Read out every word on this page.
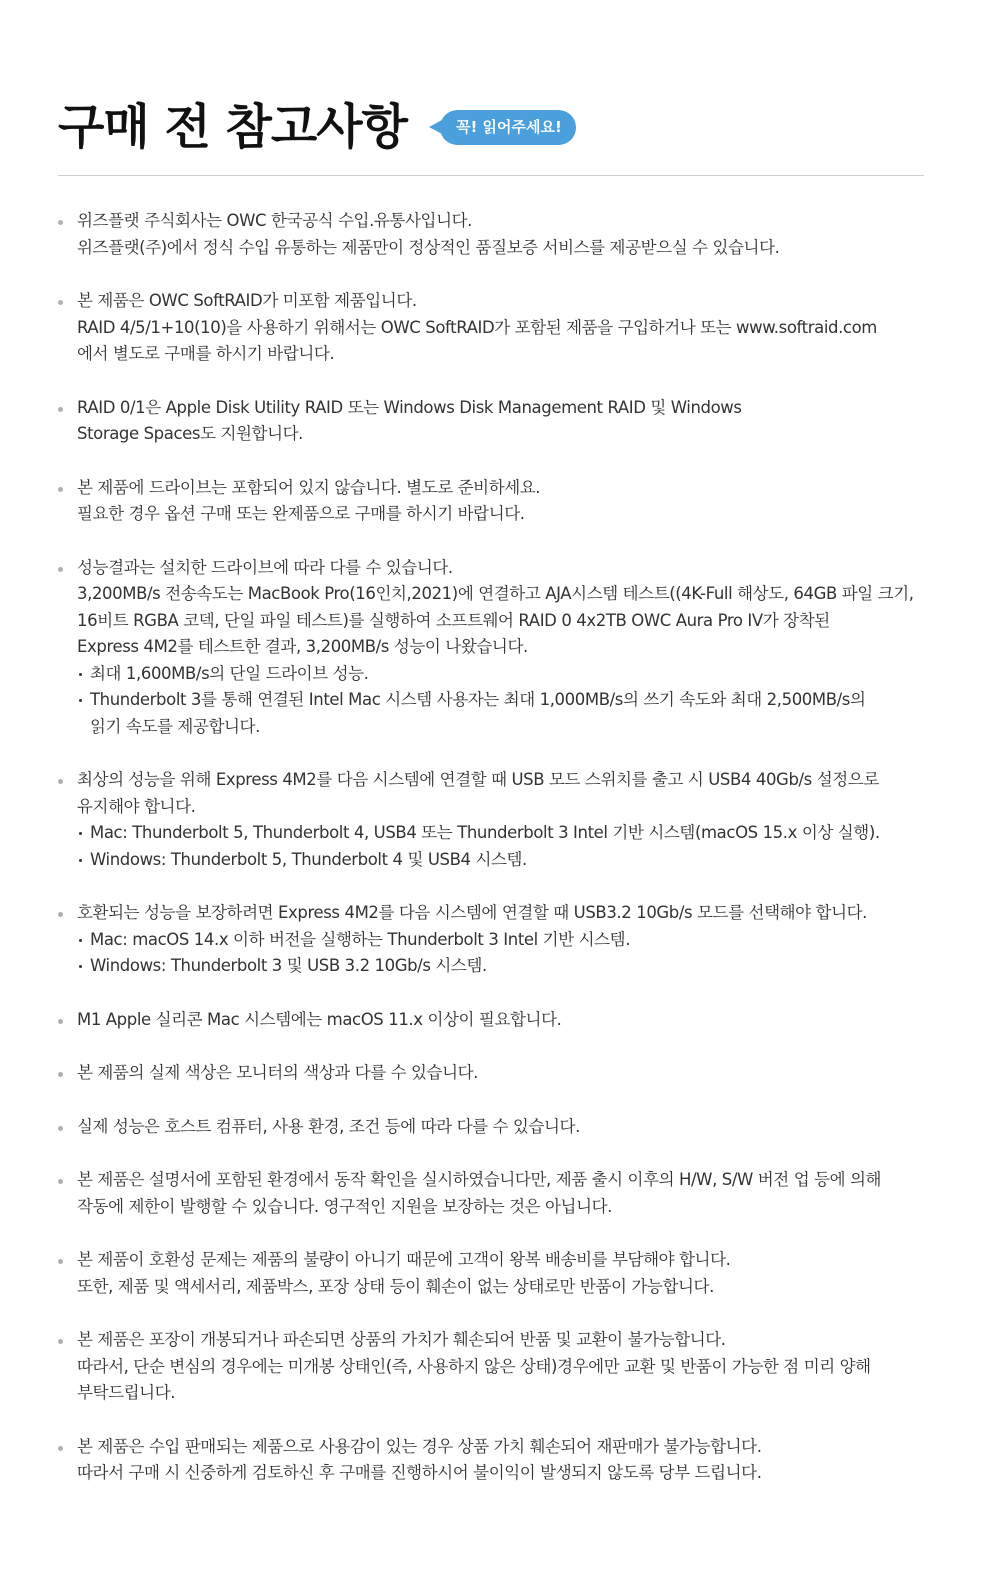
구매 전 참고사항	꼭! 읽어주세요!
위즈플랫 주식회사는 OWC 한국공식 수입.유통사입니다.
위즈플랫(주)에서 정식 수입 유통하는 제품만이 정상적인 품질보증 서비스를 제공받으실 수 있습니다.
본 제품은 OWC SoftRAID가 미포함 제품입니다.
RAID 4/5/1+10(10)을 사용하기 위해서는 OWC SoftRAID가 포함된 제품을 구입하거나 또는 www.softraid.com
에서 별도로 구매를 하시기 바랍니다.
RAID 0/1은 Apple Disk Utility RAID 또는 Windows Disk Management RAID 및 Windows
Storage Spaces도 지원합니다.
본 제품에 드라이브는 포함되어 있지 않습니다. 별도로 준비하세요.
필요한 경우 옵션 구매 또는 완제품으로 구매를 하시기 바랍니다.
성능결과는 설치한 드라이브에 따라 다를 수 있습니다.
3,200MB/s 전송속도는 MacBook Pro(16인치,2021)에 연결하고 AJA시스템 테스트((4K-Full 해상도, 64GB 파일 크기,
16비트 RGBA 코덱, 단일 파일 테스트)를 실행하여 소프트웨어 RAID 0 4x2TB OWC Aura Pro IV가 장착된
Express 4M2를 테스트한 결과, 3,200MB/s 성능이 나왔습니다.
최대 1,600MB/s의 단일 드라이브 성능.
Thunderbolt 3를 통해 연결된 Intel Mac 시스템 사용자는 최대 1,000MB/s의 쓰기 속도와 최대 2,500MB/s의
읽기 속도를 제공합니다.
최상의 성능을 위해 Express 4M2를 다음 시스템에 연결할 때 USB 모드 스위치를 출고 시 USB4 40Gb/s 설정으로
유지해야 합니다.
Mac: Thunderbolt 5, Thunderbolt 4, USB4 또는 Thunderbolt 3 Intel 기반 시스템(macOS 15.x 이상 실행).
Windows: Thunderbolt 5, Thunderbolt 4 및 USB4 시스템.
호환되는 성능을 보장하려면 Express 4M2를 다음 시스템에 연결할 때 USB3.2 10Gb/s 모드를 선택해야 합니다.
Mac: macOS 14.x 이하 버전을 실행하는 Thunderbolt 3 Intel 기반 시스템.
Windows: Thunderbolt 3 및 USB 3.2 10Gb/s 시스템.
M1 Apple 실리콘 Mac 시스템에는 macOS 11.x 이상이 필요합니다.
본 제품의 실제 색상은 모니터의 색상과 다를 수 있습니다.
실제 성능은 호스트 컴퓨터, 사용 환경, 조건 등에 따라 다를 수 있습니다.
본 제품은 설명서에 포함된 환경에서 동작 확인을 실시하였습니다만, 제품 출시 이후의 H/W, S/W 버전 업 등에 의해
작동에 제한이 발행할 수 있습니다. 영구적인 지원을 보장하는 것은 아닙니다.
본 제품이 호환성 문제는 제품의 불량이 아니기 때문에 고객이 왕복 배송비를 부담해야 합니다.
또한, 제품 및 액세서리, 제품박스, 포장 상태 등이 훼손이 없는 상태로만 반품이 가능합니다.
본 제품은 포장이 개봉되거나 파손되면 상품의 가치가 훼손되어 반품 및 교환이 불가능합니다.
따라서, 단순 변심의 경우에는 미개봉 상태인(즉, 사용하지 않은 상태)경우에만 교환 및 반품이 가능한 점 미리 양해
부탁드립니다.
본 제품은 수입 판매되는 제품으로 사용감이 있는 경우 상품 가치 훼손되어 재판매가 불가능합니다.
따라서 구매 시 신중하게 검토하신 후 구매를 진행하시어 불이익이 발생되지 않도록 당부 드립니다.
